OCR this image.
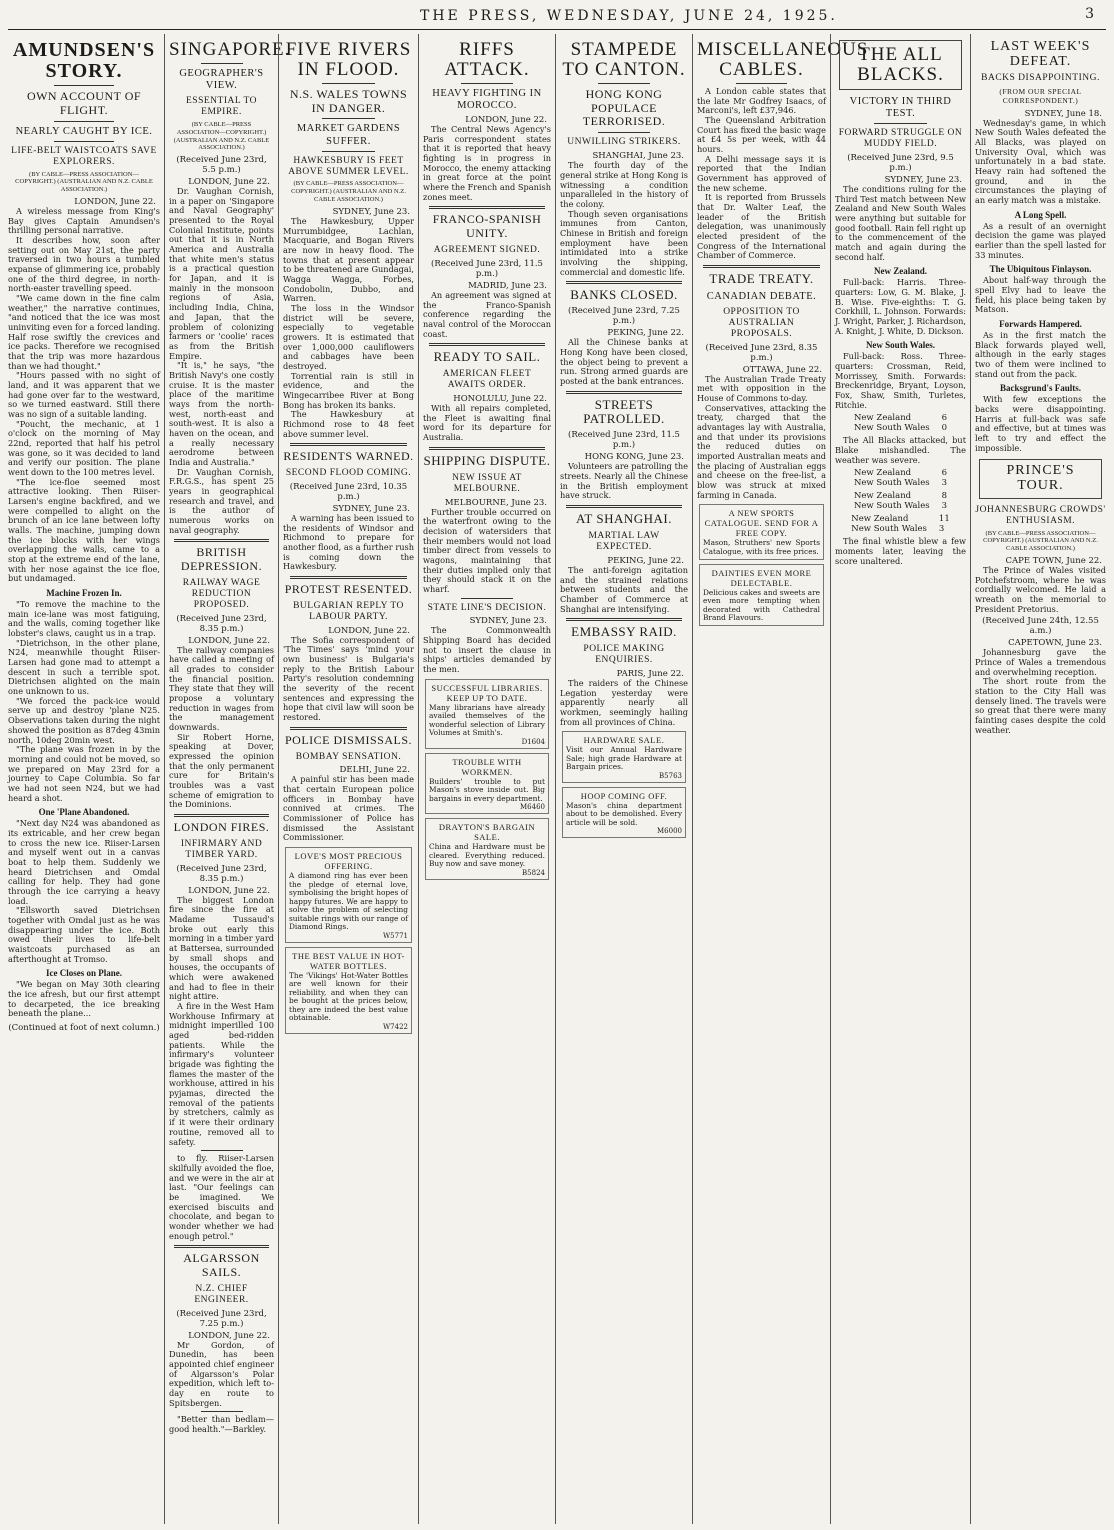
THE PRESS, WEDNESDAY, JUNE 24, 1925.	3
AMUNDSEN'S STORY.
OWN ACCOUNT OF FLIGHT.
NEARLY CAUGHT BY ICE.
LIFE-BELT WAISTCOATS SAVE EXPLORERS.
(BY CABLE—PRESS ASSOCIATION—COPYRIGHT.) (AUSTRALIAN AND N.Z. CABLE ASSOCIATION.)
LONDON, June 22.

A wireless message from King's Bay gives Captain Amundsen's thrilling personal narrative.

It describes how, soon after setting out on May 21st, the party traversed in two hours a tumbled expanse of glimmering ice, probably one of the third degree, in north-north-easter travelling speed.

"We came down in the fine calm weather," the narrative continues, "and noticed that the ice was most uninviting even for a forced landing. Half rose swiftly the crevices and ice packs. Therefore we recognised that the trip was more hazardous than we had thought."

"Hours passed with no sight of land, and it was apparent that we had gone over far to the westward, so we turned eastward. Still there was no sign of a suitable landing.

"Poucht, the mechanic, at 1 o'clock on the morning of May 22nd, reported that half his petrol was gone, so it was decided to land and verify our position. The plane went down to the 100 metres level.

"The ice-floe seemed most attractive looking. Then Riiser-Larsen's engine backfired, and we were compelled to alight on the brunch of an ice lane between lofty walls. The machine, jumping down the ice blocks with her wings overlapping the walls, came to a stop at the extreme end of the lane, with her nose against the ice floe, but undamaged.

Machine Frozen In.

"To remove the machine to the main ice-lane was most fatiguing, and the walls, coming together like lobster's claws, caught us in a trap.

"Dietrichson, in the other plane, N24, meanwhile thought Riiser-Larsen had gone mad to attempt a descent in such a terrible spot. Dietrichsen alighted on the main one unknown to us.

"We forced the pack-ice would serve up and destroy 'plane N25. Observations taken during the night showed the position as 87deg 43min north, 10deg 20min west.

"The plane was frozen in by the morning and could not be moved, so we prepared on May 23rd for a journey to Cape Columbia. So far we had not seen N24, but we had heard a shot.

One 'Plane Abandoned.

"Next day N24 was abandoned as its extricable, and her crew began to cross the new ice. Riiser-Larsen and myself went out in a canvas boat to help them. Suddenly we heard Dietrichsen and Omdal calling for help. They had gone through the ice carrying a heavy load.

"Ellsworth saved Dietrichsen together with Omdal just as he was disappearing under the ice. Both owed their lives to life-belt waistcoats purchased as an afterthought at Tromso.

Ice Closes on Plane.

"We began on May 30th clearing the ice afresh, but our first attempt to decarpeted, the ice breaking beneath the plane...

(Continued at foot of next column.)
SINGAPORE.
GEOGRAPHER'S VIEW.
ESSENTIAL TO EMPIRE.
(BY CABLE—PRESS ASSOCIATION—COPYRIGHT.) (AUSTRALIAN AND N.Z. CABLE ASSOCIATION.)
(Received June 23rd, 5.5 p.m.)
LONDON, June 22.

Dr. Vaughan Cornish, in a paper on 'Singapore and Naval Geography' presented to the Royal Colonial Institute, points out that it is in North America and Australia that white men's status is a practical question for Japan, and it is mainly in the monsoon regions of Asia, including India, China, and Japan, that the problem of colonizing farmers or 'coolie' races as from the British Empire.

"It is," he says, "the British Navy's one costly cruise. It is the master place of the maritime ways from the north-west, north-east and south-west. It is also a haven on the ocean, and a really necessary aerodrome between India and Australia."

Dr. Vaughan Cornish, F.R.G.S., has spent 25 years in geographical research and travel, and is the author of numerous works on naval geography.

BRITISH DEPRESSION.
RAILWAY WAGE REDUCTION PROPOSED.
(Received June 23rd, 8.35 p.m.)
LONDON, June 22.

The railway companies have called a meeting of all grades to consider the financial position. They state that they will propose a voluntary reduction in wages from the management downwards.

Sir Robert Horne, speaking at Dover, expressed the opinion that the only permanent cure for Britain's troubles was a vast scheme of emigration to the Dominions.

LONDON FIRES.
INFIRMARY AND TIMBER YARD.
(Received June 23rd, 8.35 p.m.)
LONDON, June 22.

The biggest London fire since the fire at Madame Tussaud's broke out early this morning in a timber yard at Battersea, surrounded by small shops and houses, the occupants of which were awakened and had to flee in their night attire.

A fire in the West Ham Workhouse Infirmary at midnight imperilled 100 aged bed-ridden patients. While the infirmary's volunteer brigade was fighting the flames the master of the workhouse, attired in his pyjamas, directed the removal of the patients by stretchers, calmly as if it were their ordinary routine, removed all to safety.

to fly. Riiser-Larsen skilfully avoided the floe, and we were in the air at last. "Our feelings can be imagined. We exercised biscuits and chocolate, and began to wonder whether we had enough petrol."

ALGARSSON SAILS.
N.Z. CHIEF ENGINEER.
(Received June 23rd, 7.25 p.m.)
LONDON, June 22.

Mr Gordon, of Dunedin, has been appointed chief engineer of Algarsson's Polar expedition, which left to-day en route to Spitsbergen.

"Better than bedlam—good health."—Barkley.

FIVE RIVERS IN FLOOD.
N.S. WALES TOWNS IN DANGER.
MARKET GARDENS SUFFER.
HAWKESBURY IS FEET ABOVE SUMMER LEVEL.
(BY CABLE—PRESS ASSOCIATION—COPYRIGHT.) (AUSTRALIAN AND N.Z. CABLE ASSOCIATION.)
SYDNEY, June 23.

The Hawkesbury, Upper Murrumbidgee, Lachlan, Macquarie, and Bogan Rivers are now in heavy flood. The towns that at present appear to be threatened are Gundagai, Wagga Wagga, Forbes, Condobolin, Dubbo, and Warren.

The loss in the Windsor district will be severe, especially to vegetable growers. It is estimated that over 1,000,000 cauliflowers and cabbages have been destroyed.

Torrential rain is still in evidence, and the Wingecarribee River at Bong Bong has broken its banks.

The Hawkesbury at Richmond rose to 48 feet above summer level.

RESIDENTS WARNED.
SECOND FLOOD COMING.
(Received June 23rd, 10.35 p.m.)
SYDNEY, June 23.

A warning has been issued to the residents of Windsor and Richmond to prepare for another flood, as a further rush is coming down the Hawkesbury.

PROTEST RESENTED.
BULGARIAN REPLY TO LABOUR PARTY.
LONDON, June 22.

The Sofia correspondent of 'The Times' says 'mind your own business' is Bulgaria's reply to the British Labour Party's resolution condemning the severity of the recent sentences and expressing the hope that civil law will soon be restored.

POLICE DISMISSALS.
BOMBAY SENSATION.
DELHI, June 22.

A painful stir has been made that certain European police officers in Bombay have connived at crimes. The Commissioner of Police has dismissed the Assistant Commissioner.

LOVE'S MOST PRECIOUS OFFERING.

A diamond ring has ever been the pledge of eternal love, symbolising the bright hopes of happy futures. We are happy to solve the problem of selecting suitable rings with our range of Diamond Rings.

W5771

THE BEST VALUE IN HOT-WATER BOTTLES.

The 'Vikings' Hot-Water Bottles are well known for their reliability, and when they can be bought at the prices below, they are indeed the best value obtainable.

W7422

RIFFS ATTACK.
HEAVY FIGHTING IN MOROCCO.
LONDON, June 22.

The Central News Agency's Paris correspondent states that it is reported that heavy fighting is in progress in Morocco, the enemy attacking in great force at the point where the French and Spanish zones meet.

FRANCO-SPANISH UNITY.
AGREEMENT SIGNED.
(Received June 23rd, 11.5 p.m.)
MADRID, June 23.

An agreement was signed at the Franco-Spanish conference regarding the naval control of the Moroccan coast.

READY TO SAIL.
AMERICAN FLEET AWAITS ORDER.
HONOLULU, June 22.

With all repairs completed, the Fleet is awaiting final word for its departure for Australia.

SHIPPING DISPUTE.
NEW ISSUE AT MELBOURNE.
MELBOURNE, June 23.

Further trouble occurred on the waterfront owing to the decision of watersiders that their members would not load timber direct from vessels to wagons, maintaining that their duties implied only that they should stack it on the wharf.

STATE LINE'S DECISION.
SYDNEY, June 23.

The Commonwealth Shipping Board has decided not to insert the clause in ships' articles demanded by the men.

SUCCESSFUL LIBRARIES. KEEP UP TO DATE.

Many librarians have already availed themselves of the wonderful selection of Library Volumes at Smith's.

D1604

TROUBLE WITH WORKMEN.

Builders' trouble to put Mason's stove inside out. Big bargains in every department.

M6460

DRAYTON'S BARGAIN SALE.

China and Hardware must be cleared. Everything reduced. Buy now and save money.

B5824

STAMPEDE TO CANTON.
HONG KONG POPULACE TERRORISED.
UNWILLING STRIKERS.
SHANGHAI, June 23.

The fourth day of the general strike at Hong Kong is witnessing a condition unparalleled in the history of the colony.

Though seven organisations immunes from Canton, Chinese in British and foreign employment have been intimidated into a strike involving the shipping, commercial and domestic life.

BANKS CLOSED.
(Received June 23rd, 7.25 p.m.)
PEKING, June 22.

All the Chinese banks at Hong Kong have been closed, the object being to prevent a run. Strong armed guards are posted at the bank entrances.

STREETS PATROLLED.
(Received June 23rd, 11.5 p.m.)
HONG KONG, June 23.

Volunteers are patrolling the streets. Nearly all the Chinese in the British employment have struck.

AT SHANGHAI.
MARTIAL LAW EXPECTED.
PEKING, June 22.

The anti-foreign agitation and the strained relations between students and the Chamber of Commerce at Shanghai are intensifying.

EMBASSY RAID.
POLICE MAKING ENQUIRIES.
PARIS, June 22.

The raiders of the Chinese Legation yesterday were apparently nearly all workmen, seemingly hailing from all provinces of China.

HARDWARE SALE.

Visit our Annual Hardware Sale; high grade Hardware at Bargain prices.

B5763

HOOP COMING OFF.

Mason's china department about to be demolished. Every article will be sold.

M6000

MISCELLANEOUS CABLES.

A London cable states that the late Mr Godfrey Isaacs, of Marconi's, left £37,946.

The Queensland Arbitration Court has fixed the basic wage at £4 5s per week, with 44 hours.

A Delhi message says it is reported that the Indian Government has approved of the new scheme.

It is reported from Brussels that Dr. Walter Leaf, the leader of the British delegation, was unanimously elected president of the Congress of the International Chamber of Commerce.

TRADE TREATY.
CANADIAN DEBATE.
OPPOSITION TO AUSTRALIAN PROPOSALS.
(Received June 23rd, 8.35 p.m.)
OTTAWA, June 22.

The Australian Trade Treaty met with opposition in the House of Commons to-day.

Conservatives, attacking the treaty, charged that the advantages lay with Australia, and that under its provisions the reduced duties on imported Australian meats and the placing of Australian eggs and cheese on the free-list, a blow was struck at mixed farming in Canada.

A NEW SPORTS CATALOGUE. SEND FOR A FREE COPY.

Mason, Struthers' new Sports Catalogue, with its free prices.

DAINTIES EVEN MORE DELECTABLE.

Delicious cakes and sweets are even more tempting when decorated with Cathedral Brand Flavours.

THE ALL BLACKS.
VICTORY IN THIRD TEST.
FORWARD STRUGGLE ON MUDDY FIELD.
(Received June 23rd, 9.5 p.m.)
SYDNEY, June 23.

The conditions ruling for the Third Test match between New Zealand and New South Wales were anything but suitable for good football. Rain fell right up to the commencement of the match and again during the second half.

New Zealand.

Full-back: Harris. Three-quarters: Low, G. M. Blake, J. B. Wise. Five-eighths: T. G. Corkhill, L. Johnson. Forwards: J. Wright, Parker, J. Richardson, A. Knight, J. White, D. Dickson.

New South Wales.

Full-back: Ross. Three-quarters: Crossman, Reid, Morrissey, Smith. Forwards: Breckenridge, Bryant, Loyson, Fox, Shaw, Smith, Turletes, Ritchie.

New Zealand	6
New South Wales	0

The All Blacks attacked, but Blake mishandled. The weather was severe.

New Zealand	6
New South Wales	3
New Zealand	8
New South Wales	3
New Zealand	11
New South Wales	3

The final whistle blew a few moments later, leaving the score unaltered.

LAST WEEK'S DEFEAT.
BACKS DISAPPOINTING.
(FROM OUR SPECIAL CORRESPONDENT.)
SYDNEY, June 18.

Wednesday's game, in which New South Wales defeated the All Blacks, was played on University Oval, which was unfortunately in a bad state. Heavy rain had softened the ground, and in the circumstances the playing of an early match was a mistake.

A Long Spell.

As a result of an overnight decision the game was played earlier than the spell lasted for 33 minutes.

The Ubiquitous Finlayson.

About half-way through the spell Elvy had to leave the field, his place being taken by Matson.

Forwards Hampered.

As in the first match the Black forwards played well, although in the early stages two of them were inclined to stand out from the pack.

Backsgrund's Faults.

With few exceptions the backs were disappointing. Harris at full-back was safe and effective, but at times was left to try and effect the impossible.

PRINCE'S TOUR.
JOHANNESBURG CROWDS' ENTHUSIASM.
(BY CABLE—PRESS ASSOCIATION—COPYRIGHT.) (AUSTRALIAN AND N.Z. CABLE ASSOCIATION.)
CAPE TOWN, June 22.

The Prince of Wales visited Potchefstroom, where he was cordially welcomed. He laid a wreath on the memorial to President Pretorius.

(Received June 24th, 12.55 a.m.)
CAPETOWN, June 23.

Johannesburg gave the Prince of Wales a tremendous and overwhelming reception.

The short route from the station to the City Hall was densely lined. The travels were so great that there were many fainting cases despite the cold weather.
